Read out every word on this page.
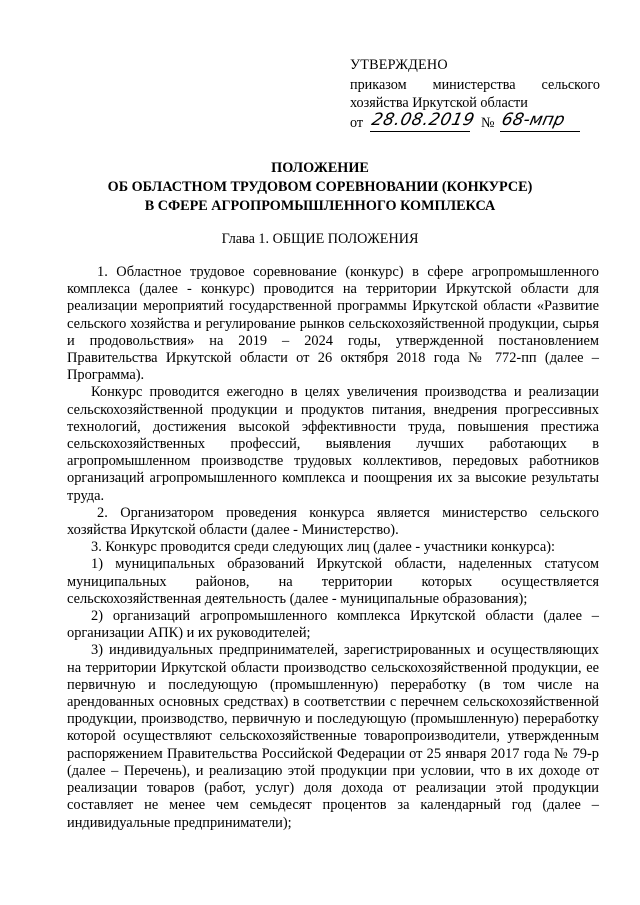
УТВЕРЖДЕНО
приказом министерства сельского
хозяйства Иркутской области
от 28.08.2019 № 68-мпр
ПОЛОЖЕНИЕ
ОБ ОБЛАСТНОМ ТРУДОВОМ СОРЕВНОВАНИИ (КОНКУРСЕ)
В СФЕРЕ АГРОПРОМЫШЛЕННОГО КОМПЛЕКСА
Глава 1. ОБЩИЕ ПОЛОЖЕНИЯ

1. Областное трудовое соревнование (конкурс) в сфере агропромышленного комплекса (далее - конкурс) проводится на территории Иркутской области для реализации мероприятий государственной программы Иркутской области «Развитие сельского хозяйства и регулирование рынков сельскохозяйственной продукции, сырья и продовольствия» на 2019 – 2024 годы, утвержденной постановлением Правительства Иркутской области от 26 октября 2018 года № 772-пп (далее – Программа).

Конкурс проводится ежегодно в целях увеличения производства и реализации сельскохозяйственной продукции и продуктов питания, внедрения прогрессивных технологий, достижения высокой эффективности труда, повышения престижа сельскохозяйственных профессий, выявления лучших работающих в агропромышленном производстве трудовых коллективов, передовых работников организаций агропромышленного комплекса и поощрения их за высокие результаты труда.

2. Организатором проведения конкурса является министерство сельского хозяйства Иркутской области (далее - Министерство).

3. Конкурс проводится среди следующих лиц (далее - участники конкурса):

1) муниципальных образований Иркутской области, наделенных статусом муниципальных районов, на территории которых осуществляется сельскохозяйственная деятельность (далее - муниципальные образования);

2) организаций агропромышленного комплекса Иркутской области (далее – организации АПК) и их руководителей;

3) индивидуальных предпринимателей, зарегистрированных и осуществляющих на территории Иркутской области производство сельскохозяйственной продукции, ее первичную и последующую (промышленную) переработку (в том числе на арендованных основных средствах) в соответствии с перечнем сельскохозяйственной продукции, производство, первичную и последующую (промышленную) переработку которой осуществляют сельскохозяйственные товаропроизводители, утвержденным распоряжением Правительства Российской Федерации от 25 января 2017 года № 79-р (далее – Перечень), и реализацию этой продукции при условии, что в их доходе от реализации товаров (работ, услуг) доля дохода от реализации этой продукции составляет не менее чем семьдесят процентов за календарный год (далее – индивидуальные предприниматели);
